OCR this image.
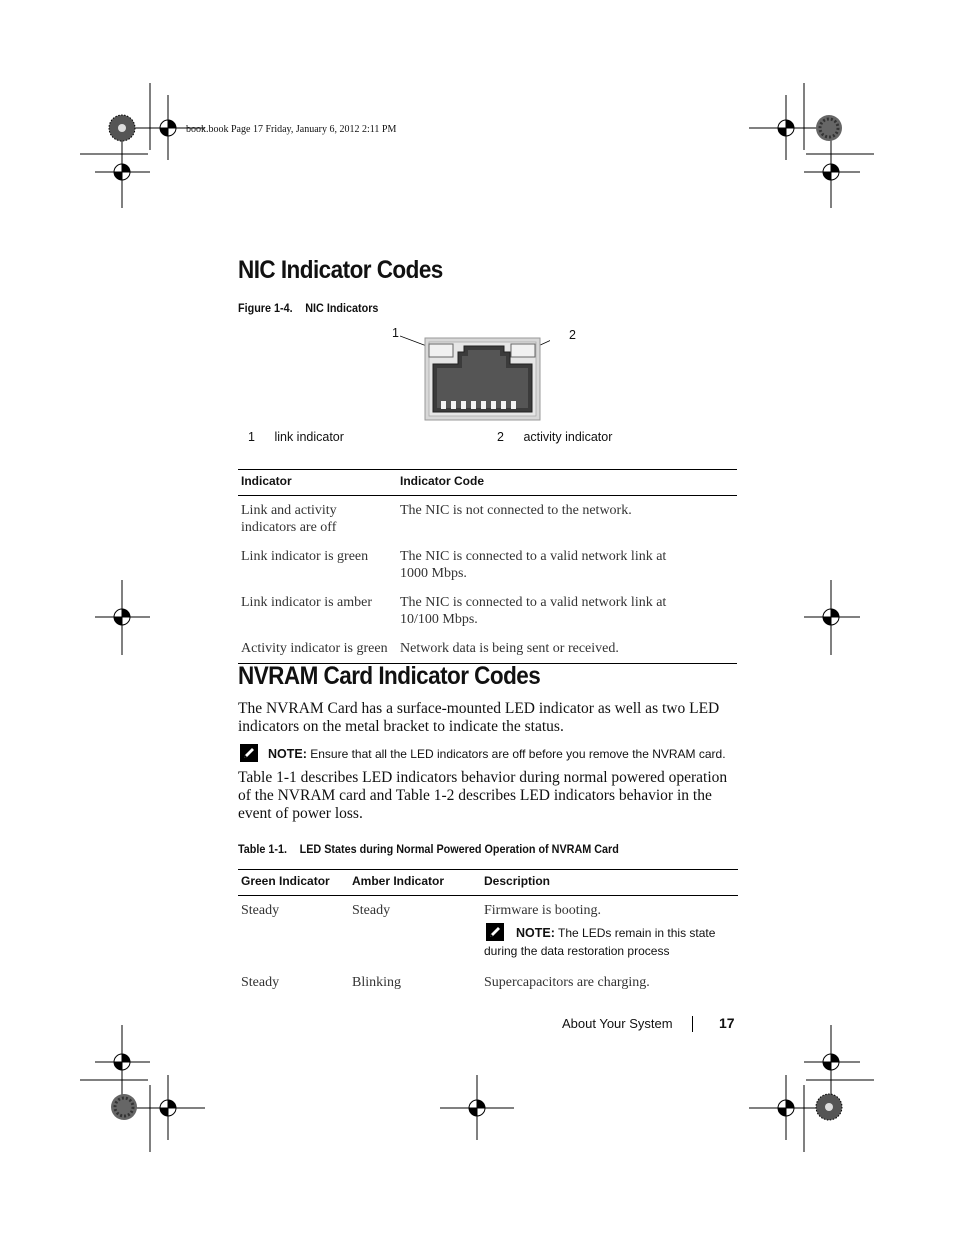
book.book Page 17 Friday, January 6, 2012 2:11 PM
NIC Indicator Codes
Figure 1-4. NIC Indicators
1	2
1 link indicator	2 activity indicator
Indicator	Indicator Code
Link and activity indicators are off	The NIC is not connected to the network.
Link indicator is green	The NIC is connected to a valid network link at 1000 Mbps.
Link indicator is amber	The NIC is connected to a valid network link at 10/100 Mbps.
Activity indicator is green	Network data is being sent or received.
NVRAM Card Indicator Codes

The NVRAM Card has a surface-mounted LED indicator as well as two LED indicators on the metal bracket to indicate the status.

NOTE: Ensure that all the LED indicators are off before you remove the NVRAM card.

Table 1-1 describes LED indicators behavior during normal powered operation of the NVRAM card and Table 1-2 describes LED indicators behavior in the event of power loss.

Table 1-1. LED States during Normal Powered Operation of NVRAM Card
Green Indicator	Amber Indicator	Description
Steady	Steady	Firmware is booting.
NOTE: The LEDs remain in this state during the data restoration process

Steady	Blinking	Supercapacitors are charging.
About Your System	17
